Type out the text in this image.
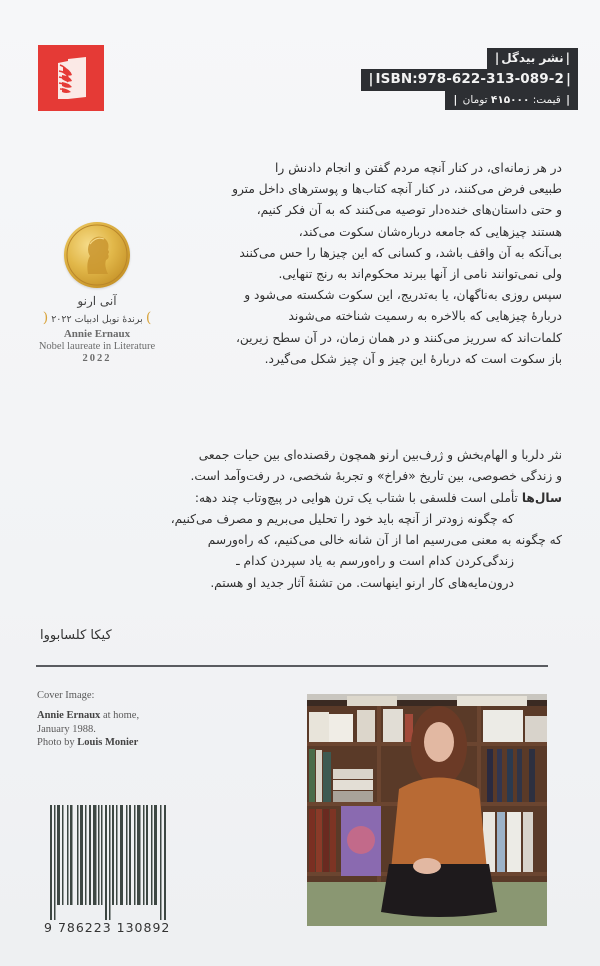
|نشر بیدگل|
| ISBN:978-622-313-089-2 |
| قیمت: ۴۱۵۰۰۰ تومان |
آنی ارنو
) برندهٔ نوبل ادبیات ۲۰۲۲ (
Annie Ernaux
Nobel laureate in Literature
2022
در هر زمانه‌ای، در کنار آنچه مردم گفتن و انجام دادنش را
طبیعی فرض می‌کنند، در کنار آنچه کتاب‌ها و پوسترهای داخل مترو
و حتی داستان‌های خنده‌دار توصیه می‌کنند که به آن فکر کنیم،
هستند چیزهایی که جامعه درباره‌شان سکوت می‌کند،
بی‌آنکه به آن واقف باشد، و کسانی که این چیزها را حس می‌کنند
ولی نمی‌توانند نامی از آنها ببرند محکوم‌اند به رنج تنهایی.
سپس روزی به‌ناگهان، یا به‌تدریج، این سکوت شکسته می‌شود و
دربارهٔ چیزهایی که بالاخره به رسمیت شناخته می‌شوند
کلمات‌اند که سرریز می‌کنند و در همان زمان، در آن سطح زیرین،
باز سکوت است که دربارهٔ این چیز و آن چیز شکل می‌گیرد.
نثر دلربا و الهام‌بخش و ژرف‌بین ارنو همچون رقصنده‌ای بین حیات جمعی
و زندگی خصوصی، بین تاریخ «فراخ» و تجربهٔ شخصی، در رفت‌وآمد است.
سال‌ها تأملی است فلسفی با شتاب یک ترن هوایی در پیچ‌وتاب چند دهه:
که چگونه زودتر از آنچه باید خود را تحلیل می‌بریم و مصرف می‌کنیم،
که چگونه به معنی می‌رسیم اما از آن شانه خالی می‌کنیم، که راه‌ورسم
زندگی‌کردن کدام است و راه‌ورسم به یاد سپردن کدام ـ
درون‌مایه‌های کار ارنو اینهاست. من تشنهٔ آثار جدید او هستم.
کیکا کلسابووا
Cover Image:
Annie Ernaux at home,
January 1988.
Photo by Louis Monier
9 786223 130892
